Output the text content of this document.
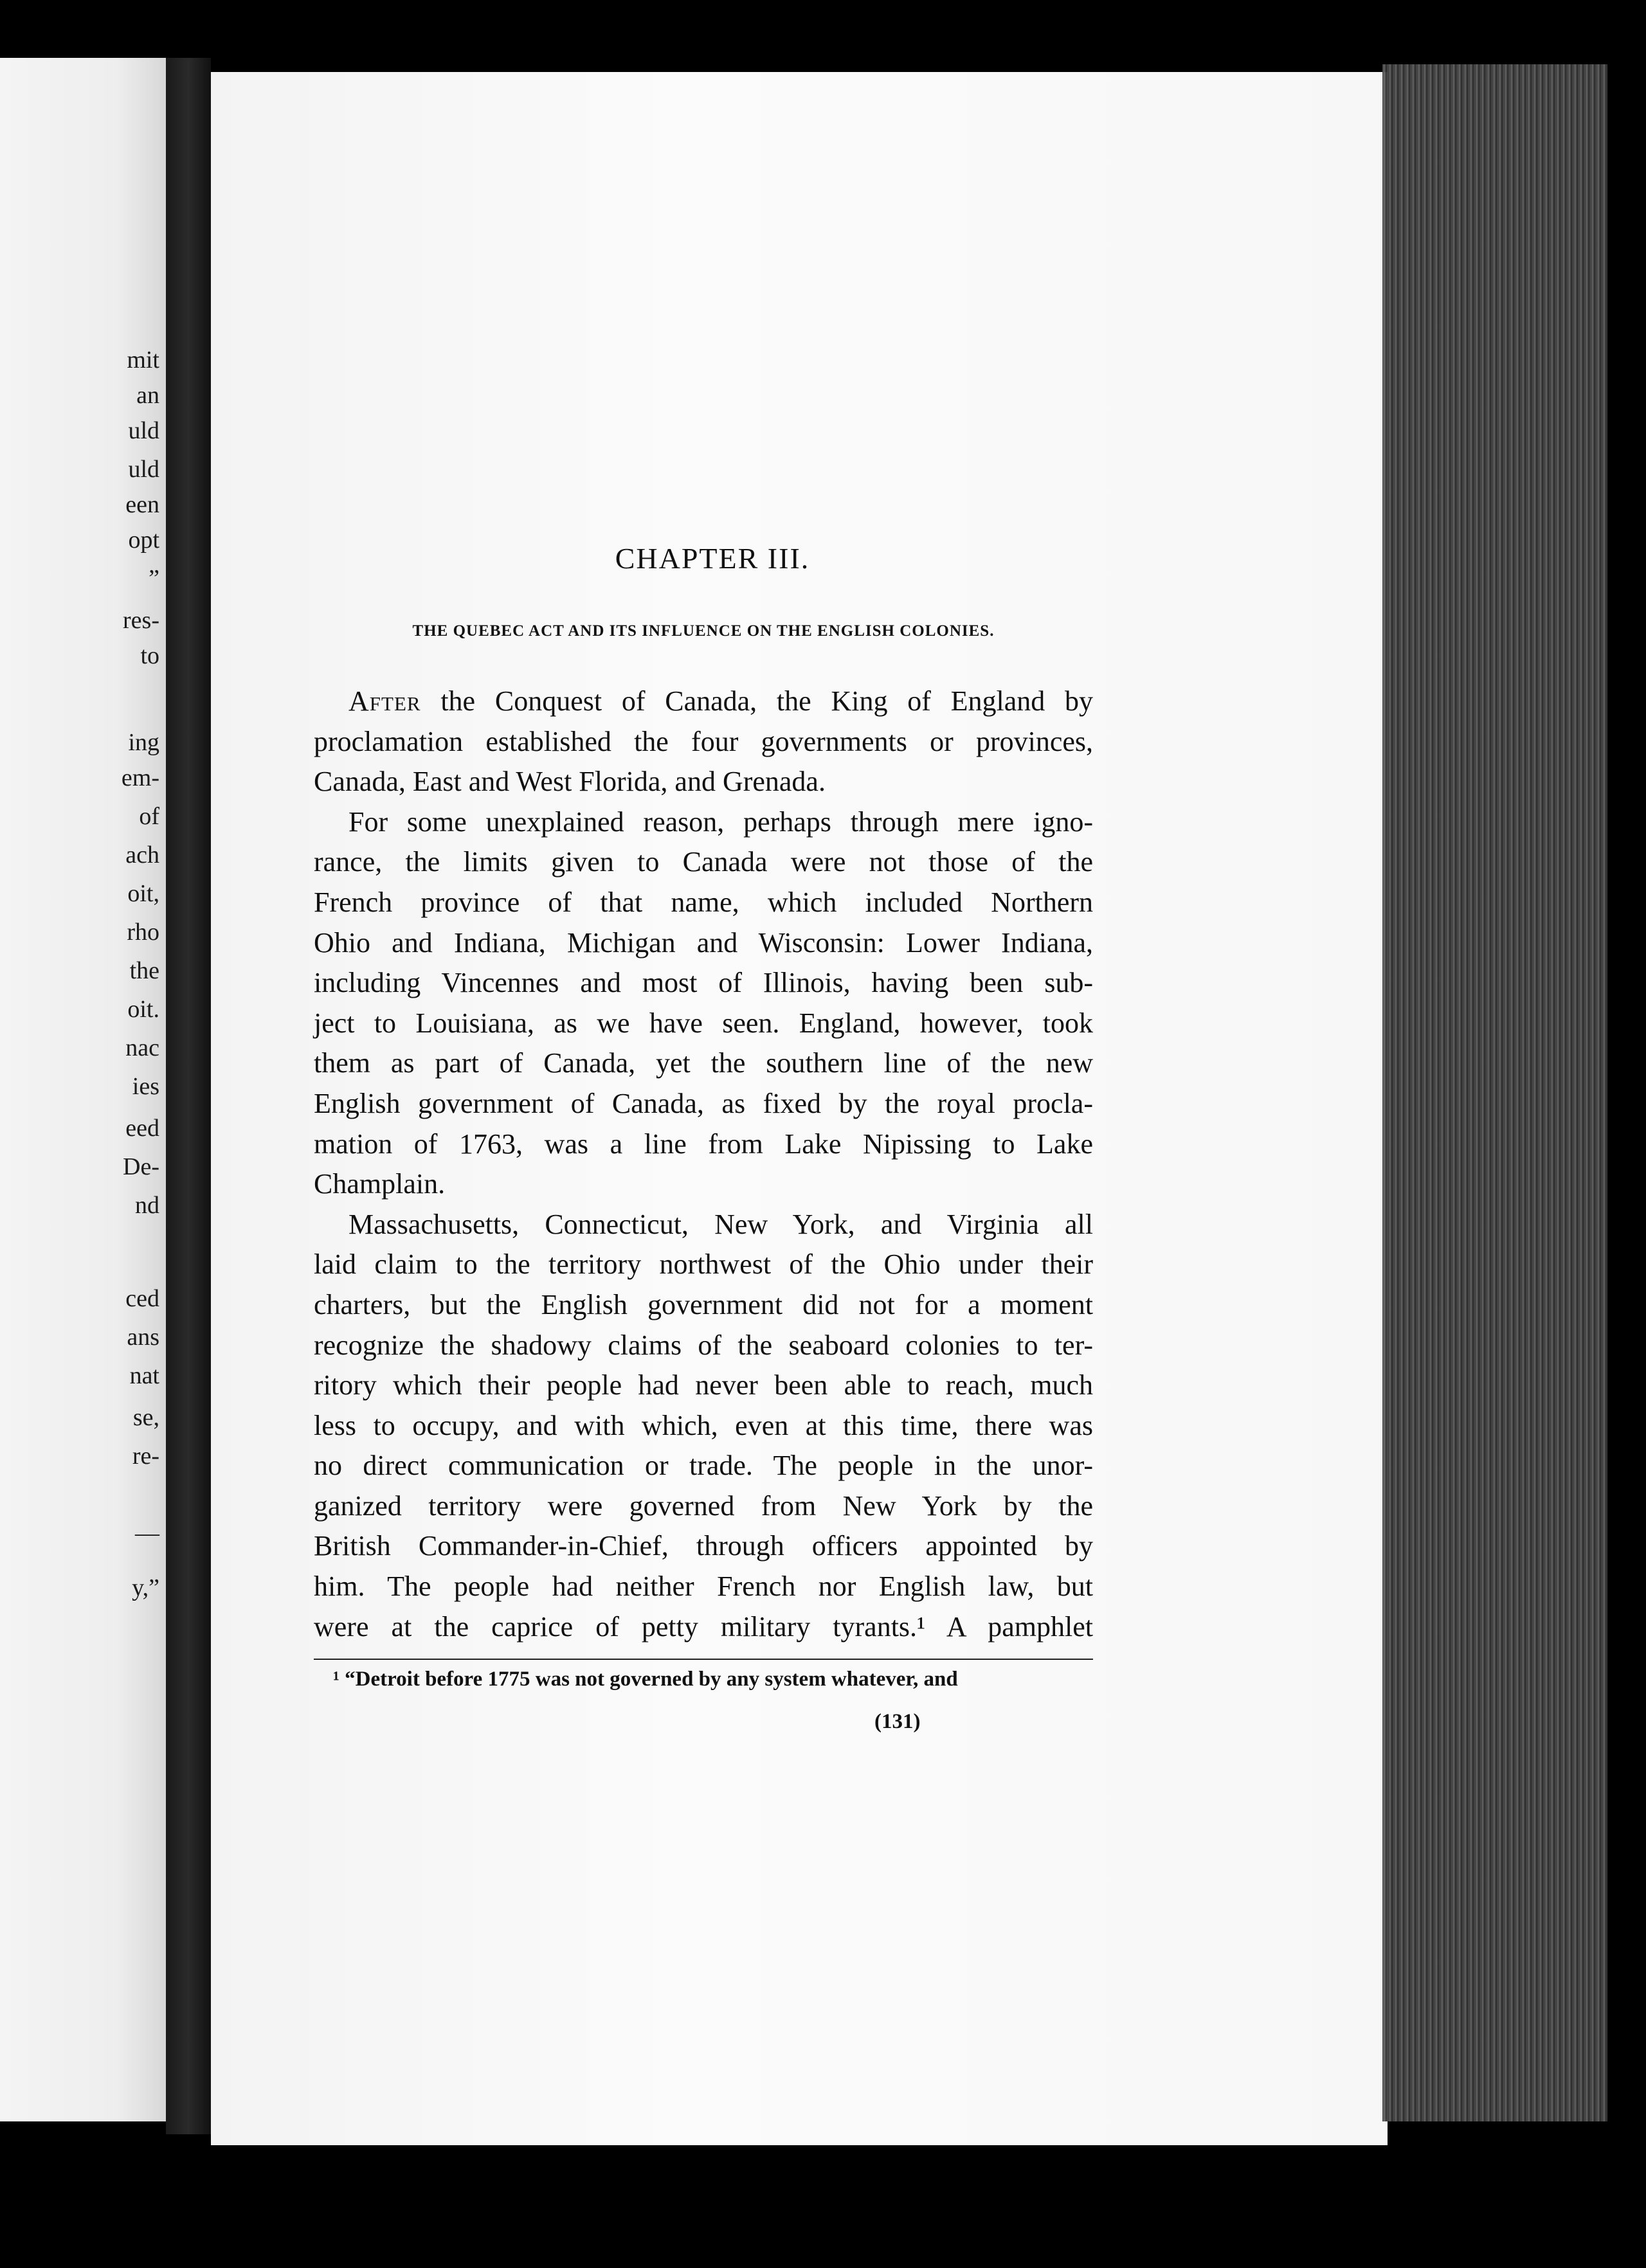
mit

an

uld

uld

een

opt

”

res-

to

ing

em-

of

ach

oit,

rho

the

oit.

nac

ies

eed

De-

nd

ced

ans

nat

se,

re-

—

y,”

CHAPTER III.
THE QUEBEC ACT AND ITS INFLUENCE ON THE ENGLISH COLONIES.

After the Conquest of Canada, the King of England by

proclamation established the four governments or provinces,

Canada, East and West Florida, and Grenada.

For some unexplained reason, perhaps through mere igno-

rance, the limits given to Canada were not those of the

French province of that name, which included Northern

Ohio and Indiana, Michigan and Wisconsin: Lower Indiana,

including Vincennes and most of Illinois, having been sub-

ject to Louisiana, as we have seen. England, however, took

them as part of Canada, yet the southern line of the new

English government of Canada, as fixed by the royal procla-

mation of 1763, was a line from Lake Nipissing to Lake

Champlain.

Massachusetts, Connecticut, New York, and Virginia all

laid claim to the territory northwest of the Ohio under their

charters, but the English government did not for a moment

recognize the shadowy claims of the seaboard colonies to ter-

ritory which their people had never been able to reach, much

less to occupy, and with which, even at this time, there was

no direct communication or trade. The people in the unor-

ganized territory were governed from New York by the

British Commander-in-Chief, through officers appointed by

him. The people had neither French nor English law, but

were at the caprice of petty military tyrants.¹ A pamphlet

¹ “Detroit before 1775 was not governed by any system whatever, and

(131)
